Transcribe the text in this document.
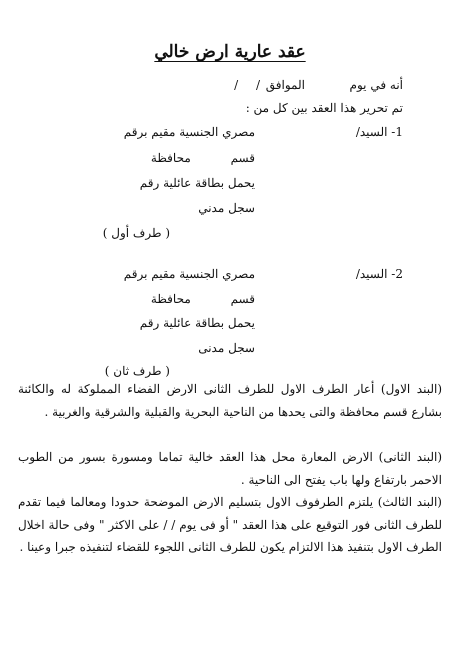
عقد عارية ارض خالي
أنه في يوم
الموافق
/ /
تم تحرير هذا العقد بين كل من :
1- السيد/
مصري الجنسية مقيم برقم
قسم محافظة
يحمل بطاقة عائلية رقم
سجل مدني
( طرف أول )
2- السيد/
مصري الجنسية مقيم برقم
قسم محافظة
يحمل بطاقة عائلية رقم
سجل مدنى
( طرف ثان )
(البند الاول) أعار الطرف الاول للطرف الثانى الارض الفضاء المملوكة له والكائنة بشارع قسم محافظة والتى يحدها من الناحية البحرية والقبلية والشرقية والغربية .
(البند الثانى) الارض المعارة محل هذا العقد خالية تماما ومسورة بسور من الطوب الاحمر بارتفاع ولها باب يفتح الى الناحية .
(البند الثالث) يلتزم الطرفوف الاول بتسليم الارض الموضحة حدودا ومعالما فيما تقدم للطرف الثانى فور التوقيع على هذا العقد " أو فى يوم / / على الاكثر " وفى حالة اخلال الطرف الاول بتنفيذ هذا الالتزام يكون للطرف الثانى اللجوء للقضاء لتنفيذه جبرا وعينا .
